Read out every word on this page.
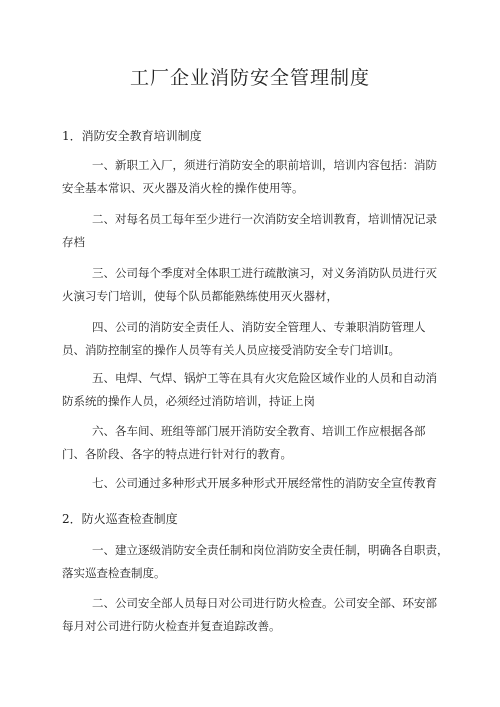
工厂企业消防安全管理制度
1．消防安全教育培训制度
一、新职工入厂，须进行消防安全的职前培训，培训内容包括：消防
安全基本常识、灭火器及消火栓的操作使用等。
二、对每名员工每年至少进行一次消防安全培训教育，培训情况记录
存档
三、公司每个季度对全体职工进行疏散演习，对义务消防队员进行灭
火演习专门培训，使每个队员都能熟练使用灭火器材，
四、公司的消防安全责任人、消防安全管理人、专兼职消防管理人
员、消防控制室的操作人员等有关人员应接受消防安全专门培训I。
五、电焊、气焊、锅炉工等在具有火灾危险区域作业的人员和自动消
防系统的操作人员，必须经过消防培训，持证上岗
六、各车间、班组等部门展开消防安全教育、培训工作应根据各部
门、各阶段、各字的特点进行针对行的教育。
七、公司通过多种形式开展多种形式开展经常性的消防安全宣传教育
2．防火巡查检查制度
一、建立逐级消防安全责任制和岗位消防安全责任制，明确各自职责，
落实巡查检查制度。
二、公司安全部人员每日对公司进行防火检查。公司安全部、环安部
每月对公司进行防火检查并复查追踪改善。
